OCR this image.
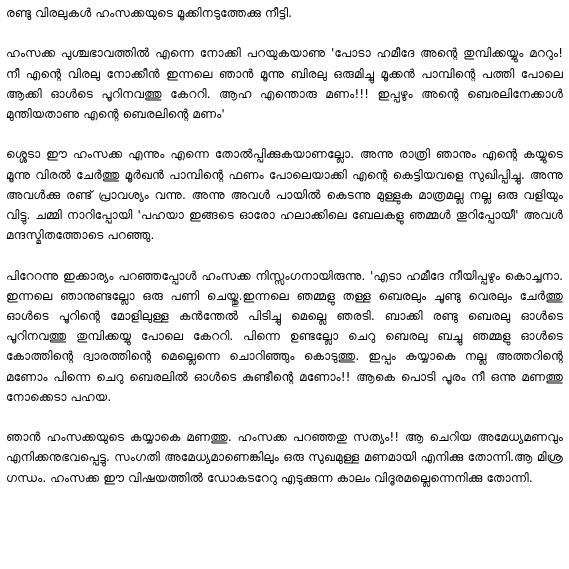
രണ്ടു വിരലുകൾ ഹംസക്കയുടെ മൂക്കിനടുത്തേക്കു നീട്ടി.

ഹംസക്ക പുശ്ചഭാവത്തിൽ എന്നെ നോക്കി പറയുകയാണു 'പോടാ ഹമീദേ അന്റെ തുമ്പിക്കയ്യും മററും! നീ എന്റെ വിരലു നോക്കീൻ ഇന്നലെ ഞാൻ മൂന്നു ബിരലു ഒരുമിച്ചു മൂക്കൻ പാമ്പിന്റെ പത്തി പോലെ ആക്കി ഓൾടെ പൂറിനവത്തു കേററി. ആഹ എന്തൊരു മണം!!! ഇപ്പഴും അന്റെ ബെരലിനേക്കാൾ മുന്തിയതാണു എന്റെ ബെരലിന്റെ മണം'

ശ്ശെടാ ഈ ഹംസക്ക എന്നും എന്നെ തോൽപ്പിക്കുകയാണല്ലോ. അന്നു രാത്രി ഞാനും എന്റെ കയ്യുടെ മൂന്നു വിരൽ ചേർത്തു മൂർഖൻ പാമ്പിന്റെ ഫണം പോലെയാക്കി എന്റെ കെട്ടിയവളെ സുഖിപ്പിച്ചു. അന്നു അവൾക്കു രണ്ട് പ്രാവശ്യം വന്നു. അന്നു അവൾ പായിൽ കെടന്നു മുള്ളുക മാത്രമല്ല നല്ല ഒരു വളിയും വിട്ടു. ചമ്മി നാറിപ്പോയി 'പഹയാ ഇങ്ങടെ ഓരോ ഹലാക്കിലെ ബേലകളു ഞമ്മൾ തൂറിപ്പോയീ' അവൾ മന്ദസ്മിതത്തോടെ പറഞ്ഞു.

പിറേറന്നു ഇക്കാര്യം പറഞ്ഞപ്പോൾ ഹംസക്ക നിസ്സംഗനായിരുന്നു. 'എടാ ഹമീദേ നീയിപ്പഴും കൊച്ചനാ. ഇന്നലെ ഞാനുണ്ടല്ലോ ഒരു പണി ചെയ്തു.ഇന്നലെ ഞമ്മളു തള്ള ബെരലും ചൂണ്ടു വെരലും ചേർത്തു ഓൾടെ പൂറിന്റെ മോളിലുള്ള കൻന്തേൽ പിടിച്ചു മെല്ലെ ഞരടി. ബാക്കി രണ്ടു ബെരലു ഓൾടെ പൂറിനവത്തു തുമ്പിക്കയ്യു പോലെ കേററി. പിന്നെ ഉണ്ടല്ലോ ചെറു ബെരലു ബച്ചു ഞമ്മളു ഓൾടെ കോത്തിന്റെ ദ്വാരത്തിന്റെ മെല്ലെന്നെ ചൊറിഞ്ഞും കൊടുത്തു. ഇപ്പം കയ്യാകെ നല്ല അത്തറിന്റെ മണോം പിന്നെ ചെറു ബെരലിൽ ഓൾടെ കുണ്ടീന്റെ മണോം!! ആകെ പൊടി പൂരം നീ ഒന്നു മണത്തു നോക്കെടാ പഹയ.

ഞാൻ ഹംസക്കയുടെ കയ്യാകെ മണത്തു. ഹംസക്ക പറഞ്ഞതു സത്യം!! ആ ചെറിയ അമേധ്യമണവും എനിക്കനുഭവപ്പെട്ടു. സംഗതി അമേധ്യമാണെങ്കിലും ഒരു സുഖമുള്ള മണമായി എനിക്കു തോന്നി.ആ മിശ്ര ഗന്ധം. ഹംസക്ക ഈ വിഷയത്തിൽ ഡോകടറേറു എടുക്കുന്ന കാലം വിദൂരമല്ലെന്നെനിക്കു തോന്നി.
